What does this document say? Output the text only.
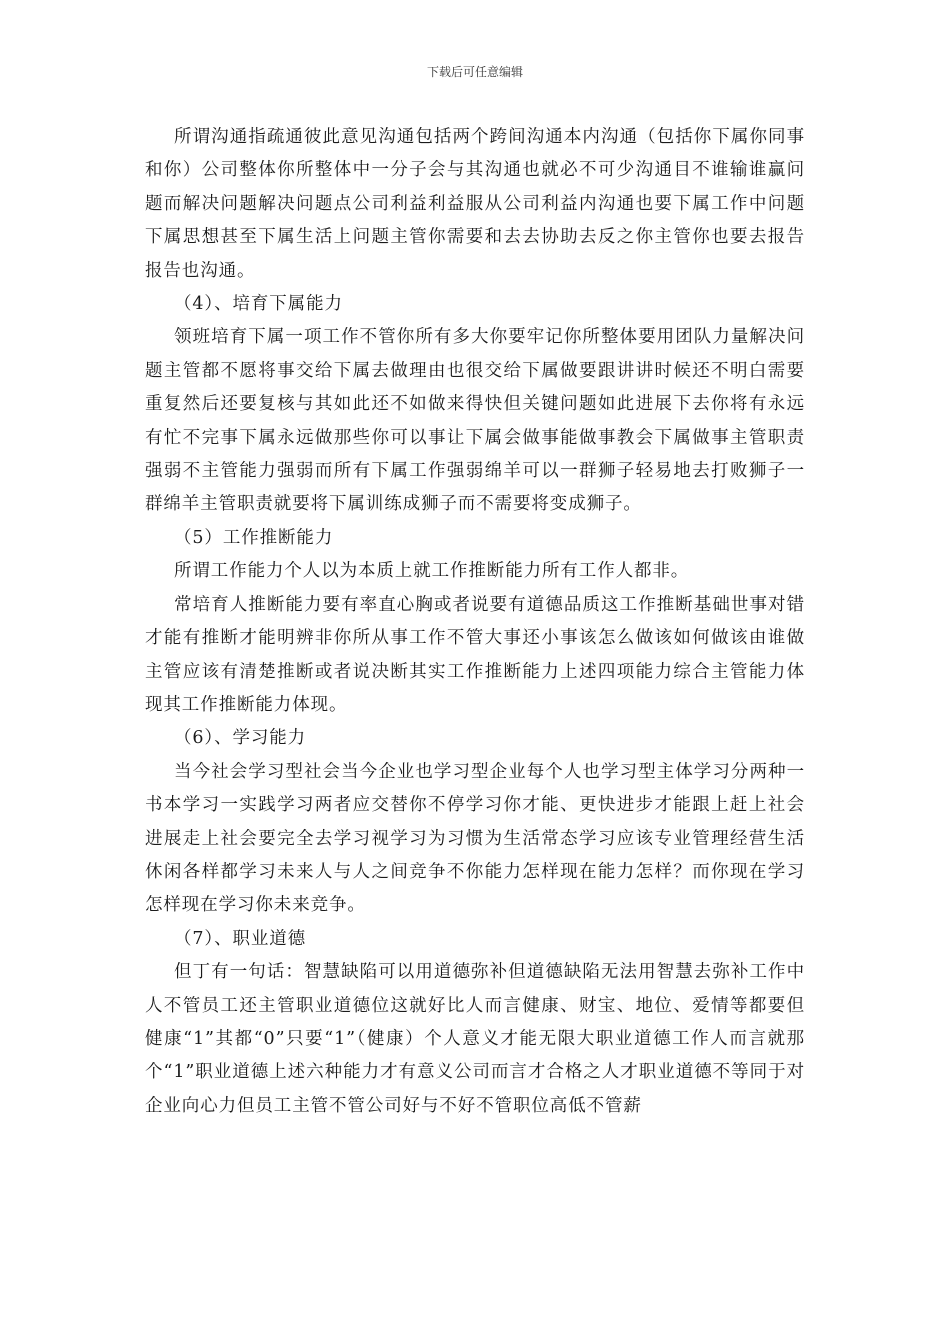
下载后可任意编辑

所谓沟通指疏通彼此意见沟通包括两个跨间沟通本内沟通（包括你下属你同事和你）公司整体你所整体中一分子会与其沟通也就必不可少沟通目不谁输谁赢问题而解决问题解决问题点公司利益利益服从公司利益内沟通也要下属工作中问题下属思想甚至下属生活上问题主管你需要和去去协助去反之你主管你也要去报告报告也沟通。

（4）、培育下属能力

领班培育下属一项工作不管你所有多大你要牢记你所整体要用团队力量解决问题主管都不愿将事交给下属去做理由也很交给下属做要跟讲讲时候还不明白需要重复然后还要复核与其如此还不如做来得快但关键问题如此进展下去你将有永远有忙不完事下属永远做那些你可以事让下属会做事能做事教会下属做事主管职责强弱不主管能力强弱而所有下属工作强弱绵羊可以一群狮子轻易地去打败狮子一群绵羊主管职责就要将下属训练成狮子而不需要将变成狮子。

（5）工作推断能力

所谓工作能力个人以为本质上就工作推断能力所有工作人都非。

常培育人推断能力要有率直心胸或者说要有道德品质这工作推断基础世事对错才能有推断才能明辨非你所从事工作不管大事还小事该怎么做该如何做该由谁做主管应该有清楚推断或者说决断其实工作推断能力上述四项能力综合主管能力体现其工作推断能力体现。

（6）、学习能力

当今社会学习型社会当今企业也学习型企业每个人也学习型主体学习分两种一书本学习一实践学习两者应交替你不停学习你才能、更快进步才能跟上赶上社会进展走上社会要完全去学习视学习为习惯为生活常态学习应该专业管理经营生活休闲各样都学习未来人与人之间竞争不你能力怎样现在能力怎样？而你现在学习怎样现在学习你未来竞争。

（7）、职业道德

但丁有一句话：智慧缺陷可以用道德弥补但道德缺陷无法用智慧去弥补工作中人不管员工还主管职业道德位这就好比人而言健康、财宝、地位、爱情等都要但健康“1”其都“0”只要“1”（健康）个人意义才能无限大职业道德工作人而言就那个“1”职业道德上述六种能力才有意义公司而言才合格之人才职业道德不等同于对企业向心力但员工主管不管公司好与不好不管职位高低不管薪
